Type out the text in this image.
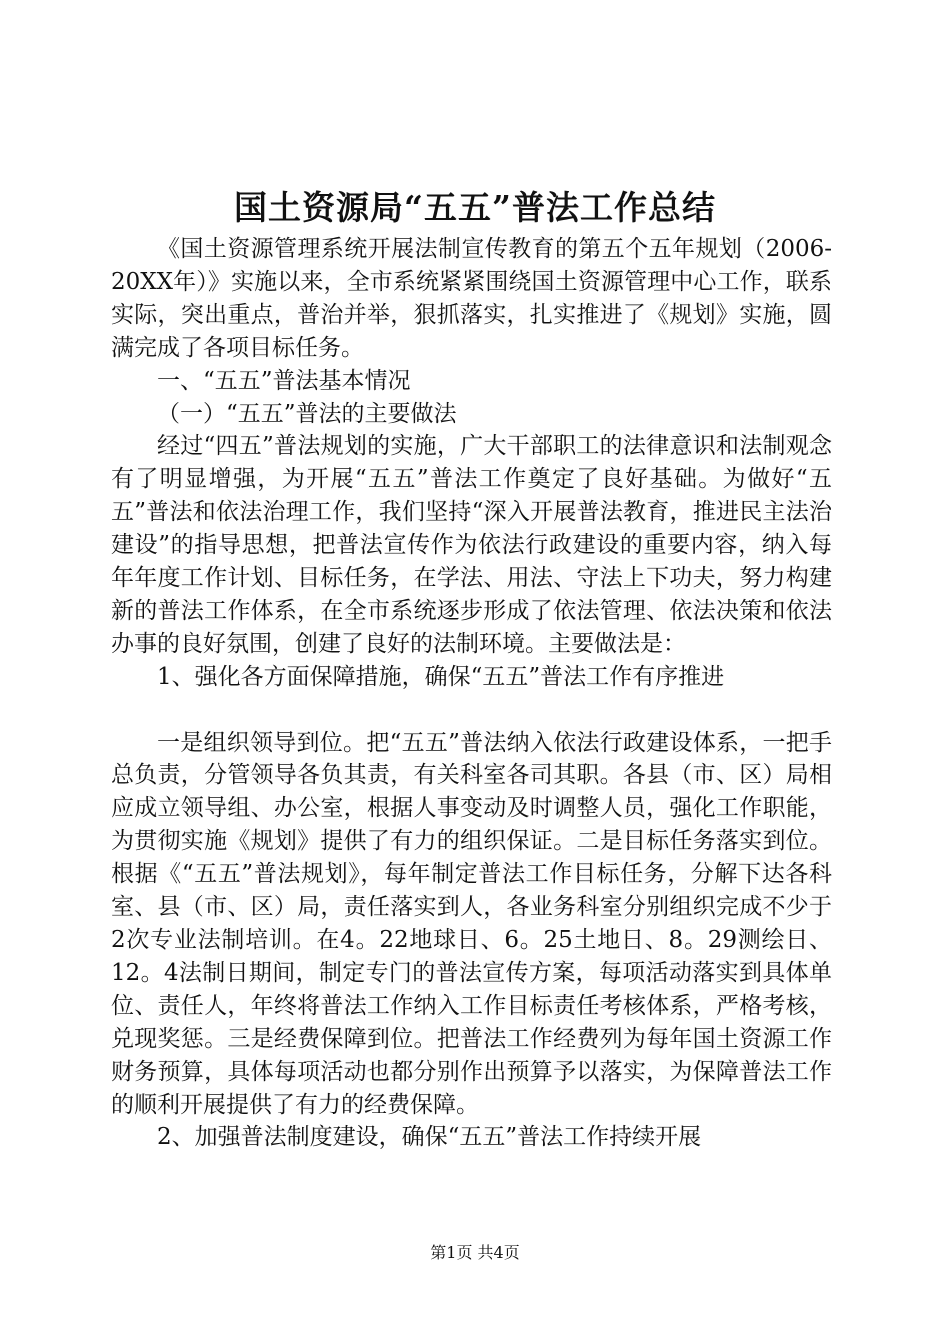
国土资源局“五五”普法工作总结

《国土资源管理系统开展法制宣传教育的第五个五年规划（2006-20XX年）》实施以来，全市系统紧紧围绕国土资源管理中心工作，联系实际，突出重点，普治并举，狠抓落实，扎实推进了《规划》实施，圆满完成了各项目标任务。

一、“五五”普法基本情况

（一）“五五”普法的主要做法

经过“四五”普法规划的实施，广大干部职工的法律意识和法制观念有了明显增强，为开展“五五”普法工作奠定了良好基础。为做好“五五”普法和依法治理工作，我们坚持“深入开展普法教育，推进民主法治建设”的指导思想，把普法宣传作为依法行政建设的重要内容，纳入每年年度工作计划、目标任务，在学法、用法、守法上下功夫，努力构建新的普法工作体系，在全市系统逐步形成了依法管理、依法决策和依法办事的良好氛围，创建了良好的法制环境。主要做法是：

1、强化各方面保障措施，确保“五五”普法工作有序推进

一是组织领导到位。把“五五”普法纳入依法行政建设体系，一把手总负责，分管领导各负其责，有关科室各司其职。各县（市、区）局相应成立领导组、办公室，根据人事变动及时调整人员，强化工作职能，为贯彻实施《规划》提供了有力的组织保证。二是目标任务落实到位。根据《“五五”普法规划》，每年制定普法工作目标任务，分解下达各科室、县（市、区）局，责任落实到人，各业务科室分别组织完成不少于2次专业法制培训。在4。22地球日、6。25土地日、8。29测绘日、12。4法制日期间，制定专门的普法宣传方案，每项活动落实到具体单位、责任人，年终将普法工作纳入工作目标责任考核体系，严格考核，兑现奖惩。三是经费保障到位。把普法工作经费列为每年国土资源工作财务预算，具体每项活动也都分别作出预算予以落实，为保障普法工作的顺利开展提供了有力的经费保障。

2、加强普法制度建设，确保“五五”普法工作持续开展

第1页 共4页
